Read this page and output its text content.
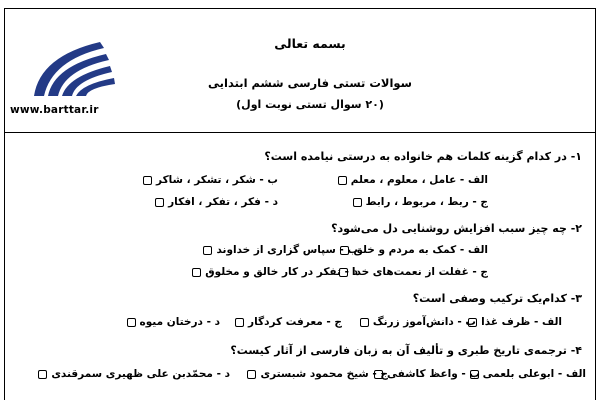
www.barttar.ir
بسمه تعالی
سوالات تستی فارسی ششم ابتدایی
(۲۰ سوال تستی نوبت اول)
۱- در کدام گزینه کلمات هم خانواده به درستی نیامده است؟
الف - عامل ، معلوم ، معلم
ب - شکر ، تشکر ، شاکر
ج - ربط ، مربوط ، رابط
د - فکر ، تفکر ، افکار
۲- چه چیز سبب افزایش روشنایی دل می‌شود؟
الف - کمک به مردم و خلق
ب - سپاس گزاری از خداوند
ج - غفلت از نعمت‌های خدا
د - تفکر در کار خالق و مخلوق
۳- کدام‌یک ترکیب وصفی است؟
الف - ظرف غذا
ب - دانش‌آموز زرنگ
ج - معرفت کردگار
د - درختان میوه
۴- ترجمه‌ی تاریخ طبری و تألیف آن به زبان فارسی از آثار کیست؟
الف - ابوعلی بلعمی
ب - واعظ کاشفی
ج - شیخ محمود شبستری
د - محمّدبن علی ظهیری سمرقندی
